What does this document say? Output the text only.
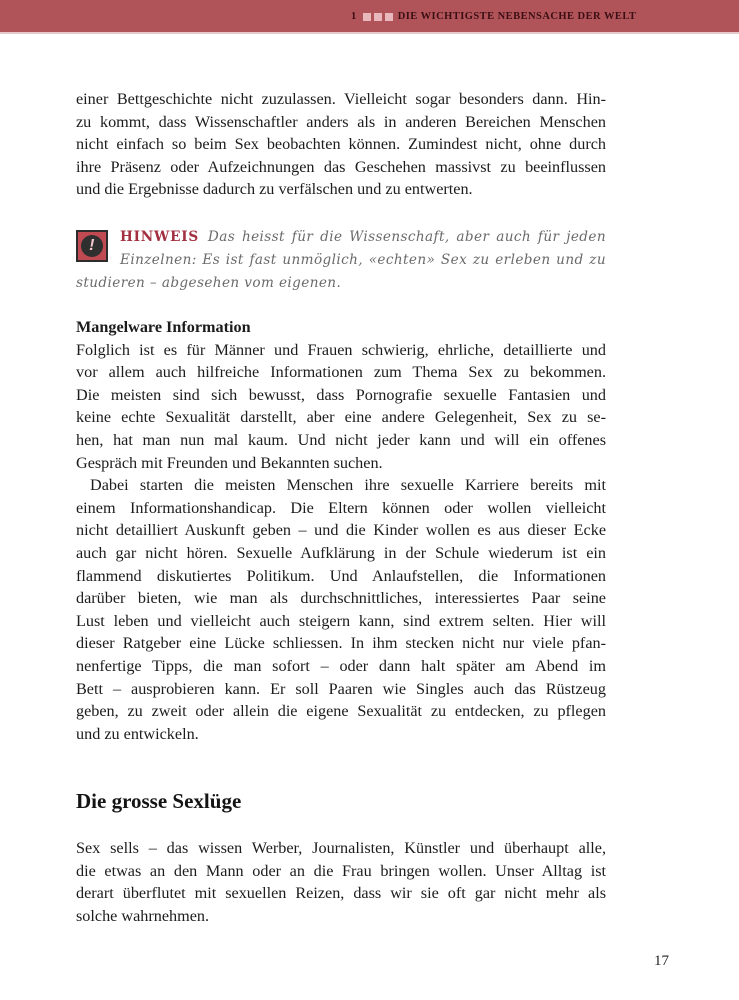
1	DIE WICHTIGSTE NEBENSACHE DER WELT

einer Bettgeschichte nicht zuzulassen. Vielleicht sogar besonders dann. Hin-
zu kommt, dass Wissenschaftler anders als in anderen Bereichen Menschen
nicht einfach so beim Sex beobachten können. Zumindest nicht, ohne durch
ihre Präsenz oder Aufzeichnungen das Geschehen massivst zu beeinflussen
und die Ergebnisse dadurch zu verfälschen und zu entwerten.

!	HINWEIS Das heisst für die Wissenschaft, aber auch für jeden
Einzelnen: Es ist fast unmöglich, «echten» Sex zu erleben und zu
studieren – abgesehen vom eigenen.
Mangelware Information

Folglich ist es für Männer und Frauen schwierig, ehrliche, detaillierte und
vor allem auch hilfreiche Informationen zum Thema Sex zu bekommen.
Die meisten sind sich bewusst, dass Pornografie sexuelle Fantasien und
keine echte Sexualität darstellt, aber eine andere Gelegenheit, Sex zu se-
hen, hat man nun mal kaum. Und nicht jeder kann und will ein offenes
Gespräch mit Freunden und Bekannten suchen.

Dabei starten die meisten Menschen ihre sexuelle Karriere bereits mit
einem Informationshandicap. Die Eltern können oder wollen vielleicht
nicht detailliert Auskunft geben – und die Kinder wollen es aus dieser Ecke
auch gar nicht hören. Sexuelle Aufklärung in der Schule wiederum ist ein
flammend diskutiertes Politikum. Und Anlaufstellen, die Informationen
darüber bieten, wie man als durchschnittliches, interessiertes Paar seine
Lust leben und vielleicht auch steigern kann, sind extrem selten. Hier will
dieser Ratgeber eine Lücke schliessen. In ihm stecken nicht nur viele pfan-
nenfertige Tipps, die man sofort – oder dann halt später am Abend im
Bett – ausprobieren kann. Er soll Paaren wie Singles auch das Rüstzeug
geben, zu zweit oder allein die eigene Sexualität zu entdecken, zu pflegen
und zu entwickeln.

Die grosse Sexlüge

Sex sells – das wissen Werber, Journalisten, Künstler und überhaupt alle,
die etwas an den Mann oder an die Frau bringen wollen. Unser Alltag ist
derart überflutet mit sexuellen Reizen, dass wir sie oft gar nicht mehr als
solche wahrnehmen.

17
